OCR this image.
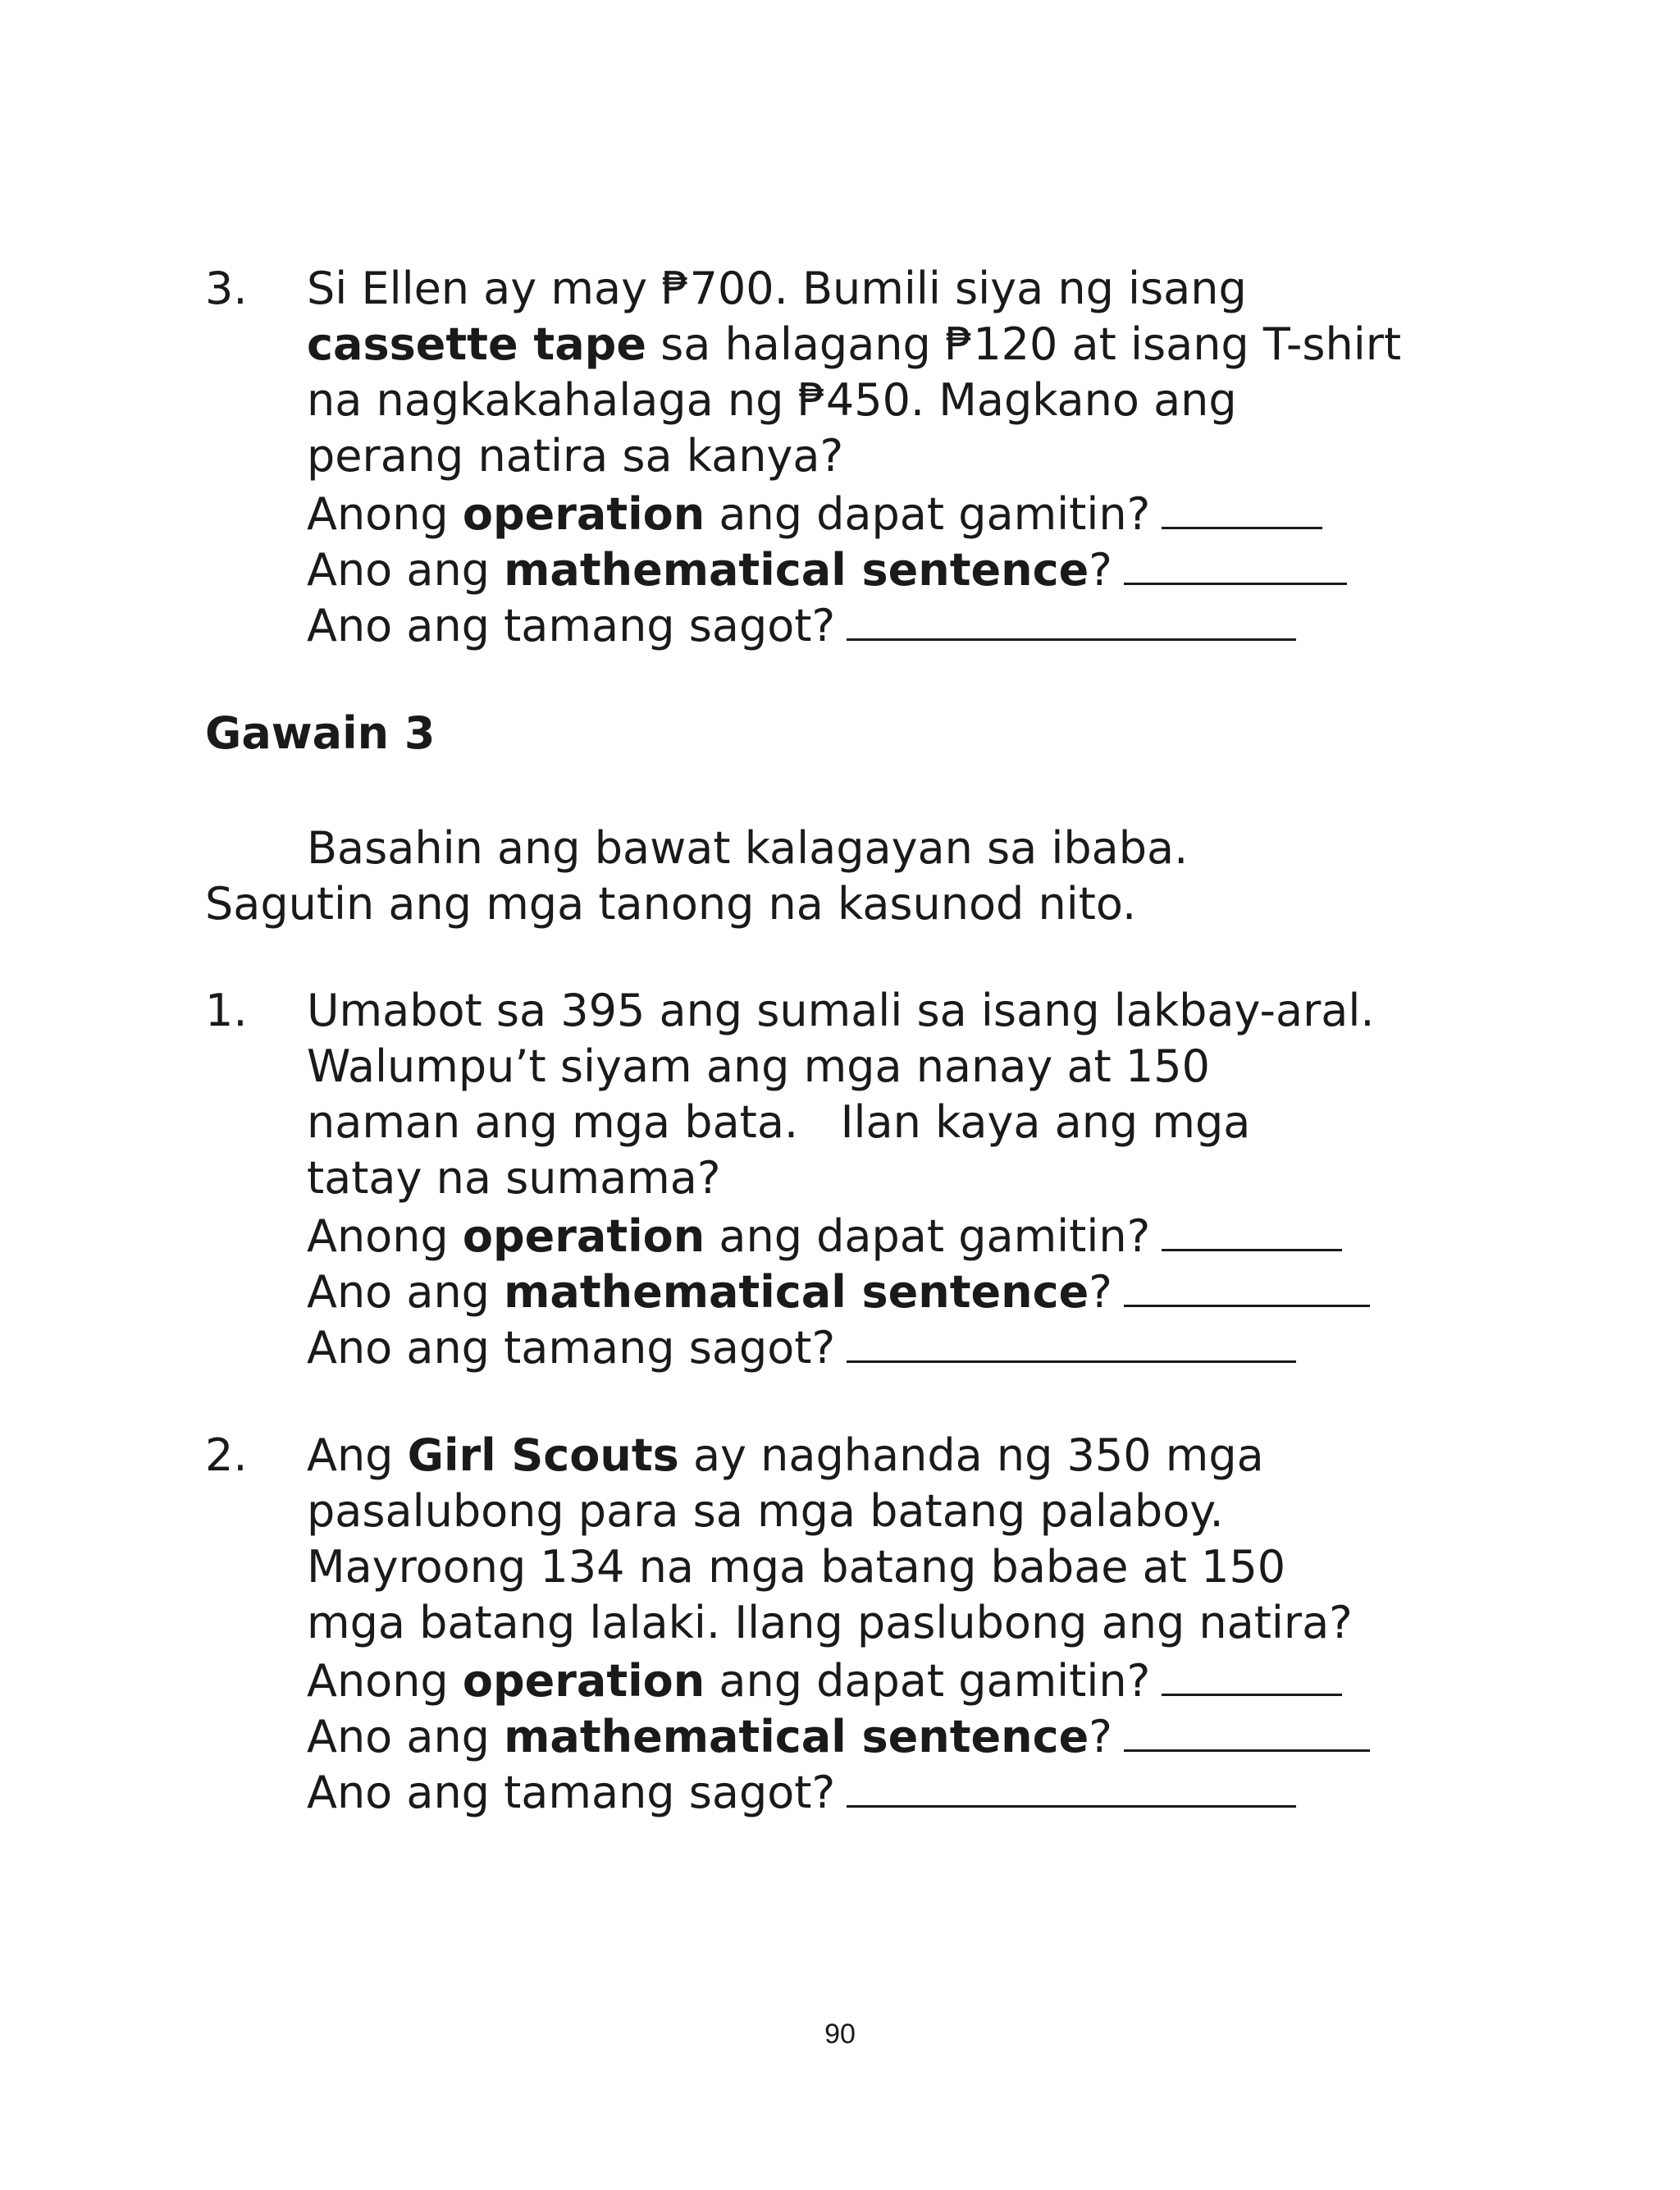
3.	Si Ellen ay may ₱700. Bumili siya ng isang
cassette tape sa halagang ₱120 at isang T-shirt
na nagkakahalaga ng ₱450. Magkano ang
perang natira sa kanya?
Anong operation ang dapat gamitin?
Ano ang mathematical sentence?
Ano ang tamang sagot?
Gawain 3
Basahin ang bawat kalagayan sa ibaba.
Sagutin ang mga tanong na kasunod nito.
1.	Umabot sa 395 ang sumali sa isang lakbay-aral.
Walumpu’t siyam ang mga nanay at 150
naman ang mga bata.   Ilan kaya ang mga
tatay na sumama?
Anong operation ang dapat gamitin?
Ano ang mathematical sentence?
Ano ang tamang sagot?
2.	Ang Girl Scouts ay naghanda ng 350 mga
pasalubong para sa mga batang palaboy.
Mayroong 134 na mga batang babae at 150
mga batang lalaki. Ilang paslubong ang natira?
Anong operation ang dapat gamitin?
Ano ang mathematical sentence?
Ano ang tamang sagot?
90
